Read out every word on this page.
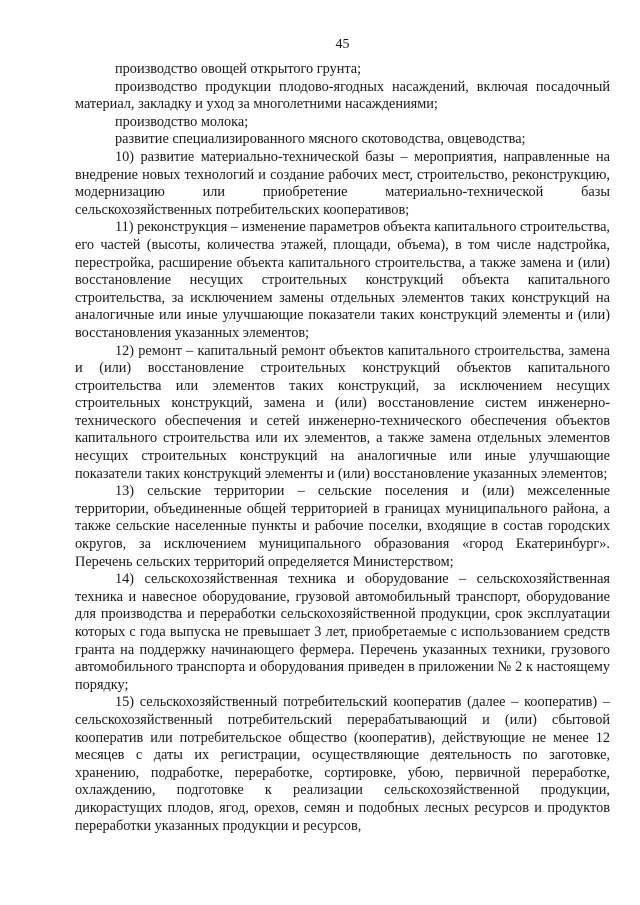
45

производство овощей открытого грунта;

производство продукции плодово-ягодных насаждений, включая посадочный материал, закладку и уход за многолетними насаждениями;

производство молока;

развитие специализированного мясного скотоводства, овцеводства;

10) развитие материально-технической базы – мероприятия, направленные на внедрение новых технологий и создание рабочих мест, строительство, реконструкцию, модернизацию или приобретение материально-технической базы сельскохозяйственных потребительских кооперативов;

11) реконструкция – изменение параметров объекта капитального строительства, его частей (высоты, количества этажей, площади, объема), в том числе надстройка, перестройка, расширение объекта капитального строительства, а также замена и (или) восстановление несущих строительных конструкций объекта капитального строительства, за исключением замены отдельных элементов таких конструкций на аналогичные или иные улучшающие показатели таких конструкций элементы и (или) восстановления указанных элементов;

12) ремонт – капитальный ремонт объектов капитального строительства, замена и (или) восстановление строительных конструкций объектов капитального строительства или элементов таких конструкций, за исключением несущих строительных конструкций, замена и (или) восстановление систем инженерно-технического обеспечения и сетей инженерно-технического обеспечения объектов капитального строительства или их элементов, а также замена отдельных элементов несущих строительных конструкций на аналогичные или иные улучшающие показатели таких конструкций элементы и (или) восстановление указанных элементов;

13) сельские территории – сельские поселения и (или) межселенные территории, объединенные общей территорией в границах муниципального района, а также сельские населенные пункты и рабочие поселки, входящие в состав городских округов, за исключением муниципального образования «город Екатеринбург». Перечень сельских территорий определяется Министерством;

14) сельскохозяйственная техника и оборудование – сельскохозяйственная техника и навесное оборудование, грузовой автомобильный транспорт, оборудование для производства и переработки сельскохозяйственной продукции, срок эксплуатации которых с года выпуска не превышает 3 лет, приобретаемые с использованием средств гранта на поддержку начинающего фермера. Перечень указанных техники, грузового автомобильного транспорта и оборудования приведен в приложении № 2 к настоящему порядку;

15) сельскохозяйственный потребительский кооператив (далее – кооператив) – сельскохозяйственный потребительский перерабатывающий и (или) сбытовой кооператив или потребительское общество (кооператив), действующие не менее 12 месяцев с даты их регистрации, осуществляющие деятельность по заготовке, хранению, подработке, переработке, сортировке, убою, первичной переработке, охлаждению, подготовке к реализации сельскохозяйственной продукции, дикорастущих плодов, ягод, орехов, семян и подобных лесных ресурсов и продуктов переработки указанных продукции и ресурсов,
